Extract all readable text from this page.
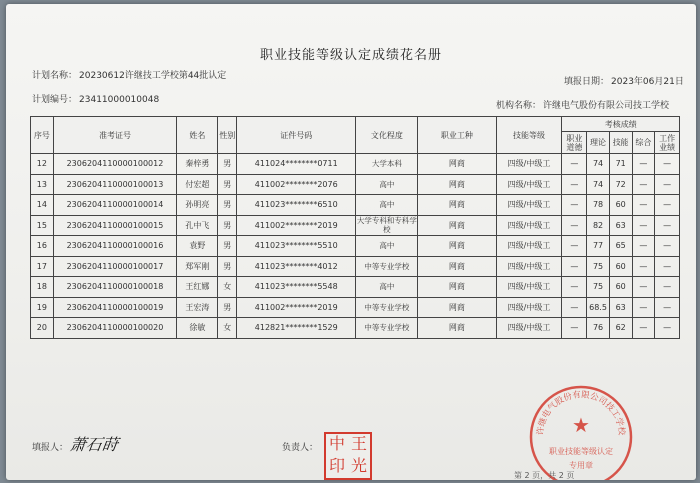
职业技能等级认定成绩花名册
计划名称： 20230612许继技工学校第44批认定
填报日期： 2023年06月21日
计划编号： 23411000010048
机构名称： 许继电气股份有限公司技工学校
序号	准考证号	姓名	性别	证件号码	文化程度	职业工种	技能等级	考核成绩				
								职业道德	理论	技能	综合	工作业绩
12	2306204110000100012	秦梓勇	男	411024********0711	大学本科	网商	四级/中级工	—	74	71	—	—
13	2306204110000100013	付宏超	男	411002********2076	高中	网商	四级/中级工	—	74	72	—	—
14	2306204110000100014	孙明亮	男	411023********6510	高中	网商	四级/中级工	—	78	60	—	—
15	2306204110000100015	孔中飞	男	411002********2019	大学专科和专科学校	网商	四级/中级工	—	82	63	—	—
16	2306204110000100016	袁野	男	411023********5510	高中	网商	四级/中级工	—	77	65	—	—
17	2306204110000100017	郑军刚	男	411023********4012	中等专业学校	网商	四级/中级工	—	75	60	—	—
18	2306204110000100018	王红娜	女	411023********5548	高中	网商	四级/中级工	—	75	60	—	—
19	2306204110000100019	王宏涛	男	411002********2019	中等专业学校	网商	四级/中级工	—	68.5	63	—	—
20	2306204110000100020	徐敏	女	412821********1529	中等专业学校	网商	四级/中级工	—	76	62	—	—
填报人： 萧石莳	负责人： 中 王
印 光
许继电气股份有限公司技工学校
★
职业技能等级认定
专用章
第 2 页，共 2 页
